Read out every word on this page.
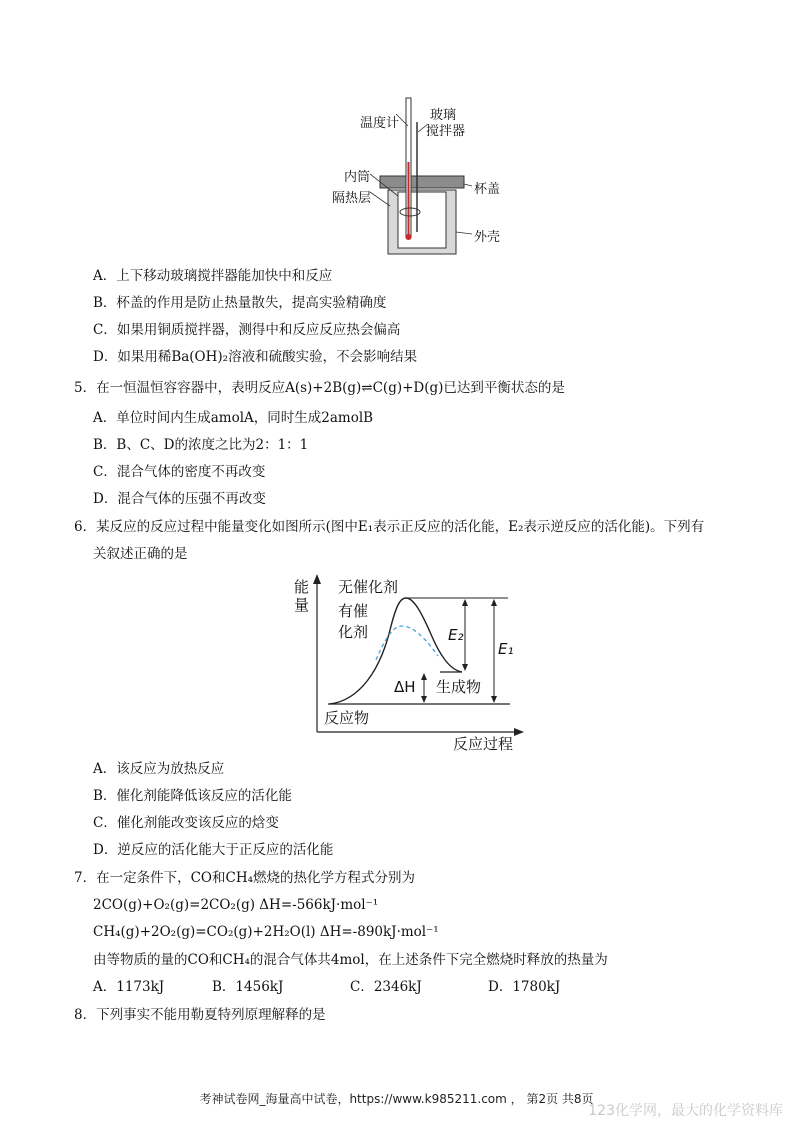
温度计
玻璃
搅拌器
内筒
隔热层
杯盖
外壳
A．上下移动玻璃搅拌器能加快中和反应
B．杯盖的作用是防止热量散失，提高实验精确度
C．如果用铜质搅拌器，测得中和反应反应热会偏高
D．如果用稀Ba(OH)₂溶液和硫酸实验，不会影响结果
5．在一恒温恒容容器中，表明反应A(s)+2B(g)⇌C(g)+D(g)已达到平衡状态的是
A．单位时间内生成amolA，同时生成2amolB
B．B、C、D的浓度之比为2：1：1
C．混合气体的密度不再改变
D．混合气体的压强不再改变
6．某反应的反应过程中能量变化如图所示(图中E₁表示正反应的活化能，E₂表示逆反应的活化能)。下列有
关叙述正确的是
能
量
无催化剂
有催
化剂	E₂
E₁
ΔH 生成物
反应物
反应过程
A．该反应为放热反应
B．催化剂能降低该反应的活化能
C．催化剂能改变该反应的焓变
D．逆反应的活化能大于正反应的活化能
7．在一定条件下，CO和CH₄燃烧的热化学方程式分别为
2CO(g)+O₂(g)=2CO₂(g) ΔH=-566kJ·mol⁻¹
CH₄(g)+2O₂(g)=CO₂(g)+2H₂O(l) ΔH=-890kJ·mol⁻¹
由等物质的量的CO和CH₄的混合气体共4mol，在上述条件下完全燃烧时释放的热量为
A．1173kJ	B．1456kJ	C．2346kJ	D．1780kJ
8．下列事实不能用勒夏特列原理解释的是
考神试卷网_海量高中试卷，https://www.k985211.com ， 第2页 共8页
123化学网，最大的化学资料库
